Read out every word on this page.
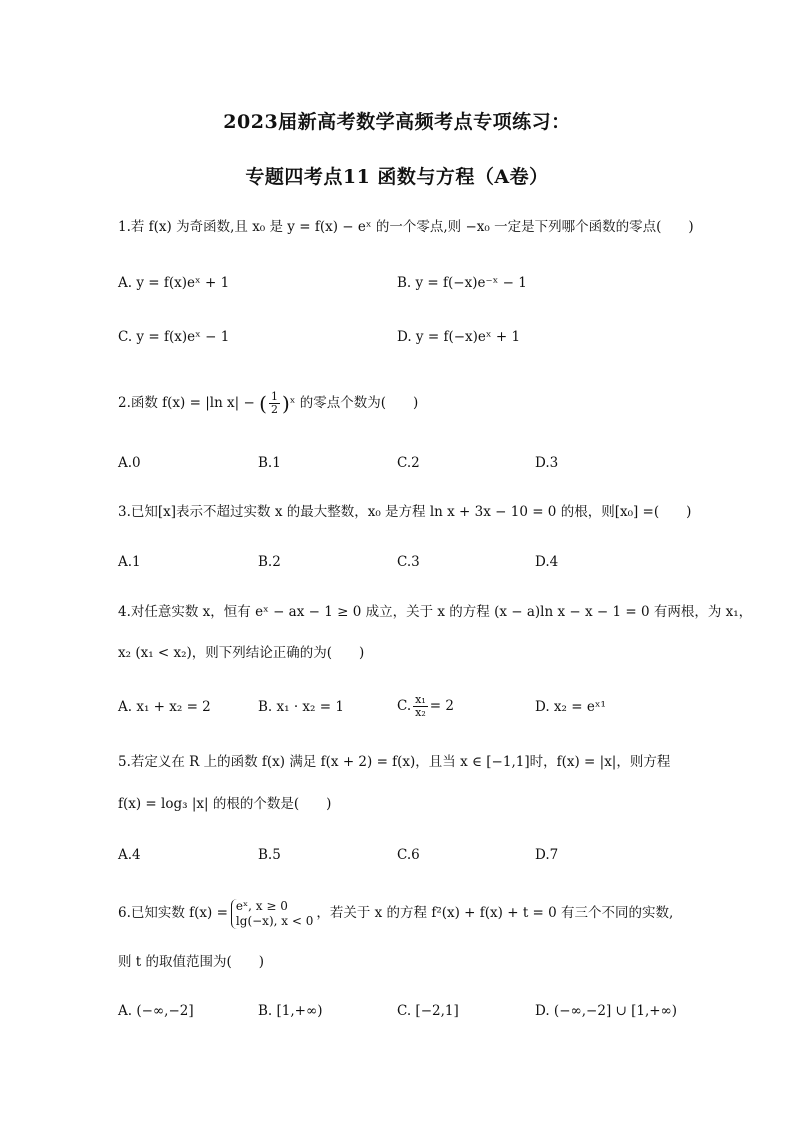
2023届新高考数学高频考点专项练习：
专题四考点11 函数与方程（A卷）
1.若 f(x) 为奇函数,且 x₀ 是 y = f(x) − eˣ 的一个零点,则 −x₀ 一定是下列哪个函数的零点(　　)
A. y = f(x)eˣ + 1	B. y = f(−x)e⁻ˣ − 1
C. y = f(x)eˣ − 1	D. y = f(−x)eˣ + 1
2.函数 f(x) = |ln x| − ( $\frac{1}{2}$ )ˣ 的零点个数为(　　)
A.0	B.1	C.2	D.3
3.已知[x]表示不超过实数 x 的最大整数，x₀ 是方程 ln x + 3x − 10 = 0 的根，则[x₀] =(　　)
A.1	B.2	C.3	D.4
4.对任意实数 x，恒有 eˣ − ax − 1 ≥ 0 成立，关于 x 的方程 (x − a)ln x − x − 1 = 0 有两根，为 x₁，
x₂ (x₁ < x₂)，则下列结论正确的为(　　)
A. x₁ + x₂ = 2	B. x₁ · x₂ = 1	C. $\frac{\text{x₁}}{\text{x₂}} = 2$	D. x₂ = eˣ¹
5.若定义在 R 上的函数 f(x) 满足 f(x + 2) = f(x)，且当 x ∈ [−1,1]时，f(x) = |x|，则方程
f(x) = log₃ |x| 的根的个数是(　　)
A.4	B.5	C.6	D.7
6.已知实数 f(x) = eˣ, x ≥ 0
lg(−x), x < 0 ，若关于 x 的方程 f²(x) + f(x) + t = 0 有三个不同的实数,
则 t 的取值范围为(　　)
A. (−∞,−2]	B. [1,+∞)	C. [−2,1]	D. (−∞,−2] ∪ [1,+∞)
